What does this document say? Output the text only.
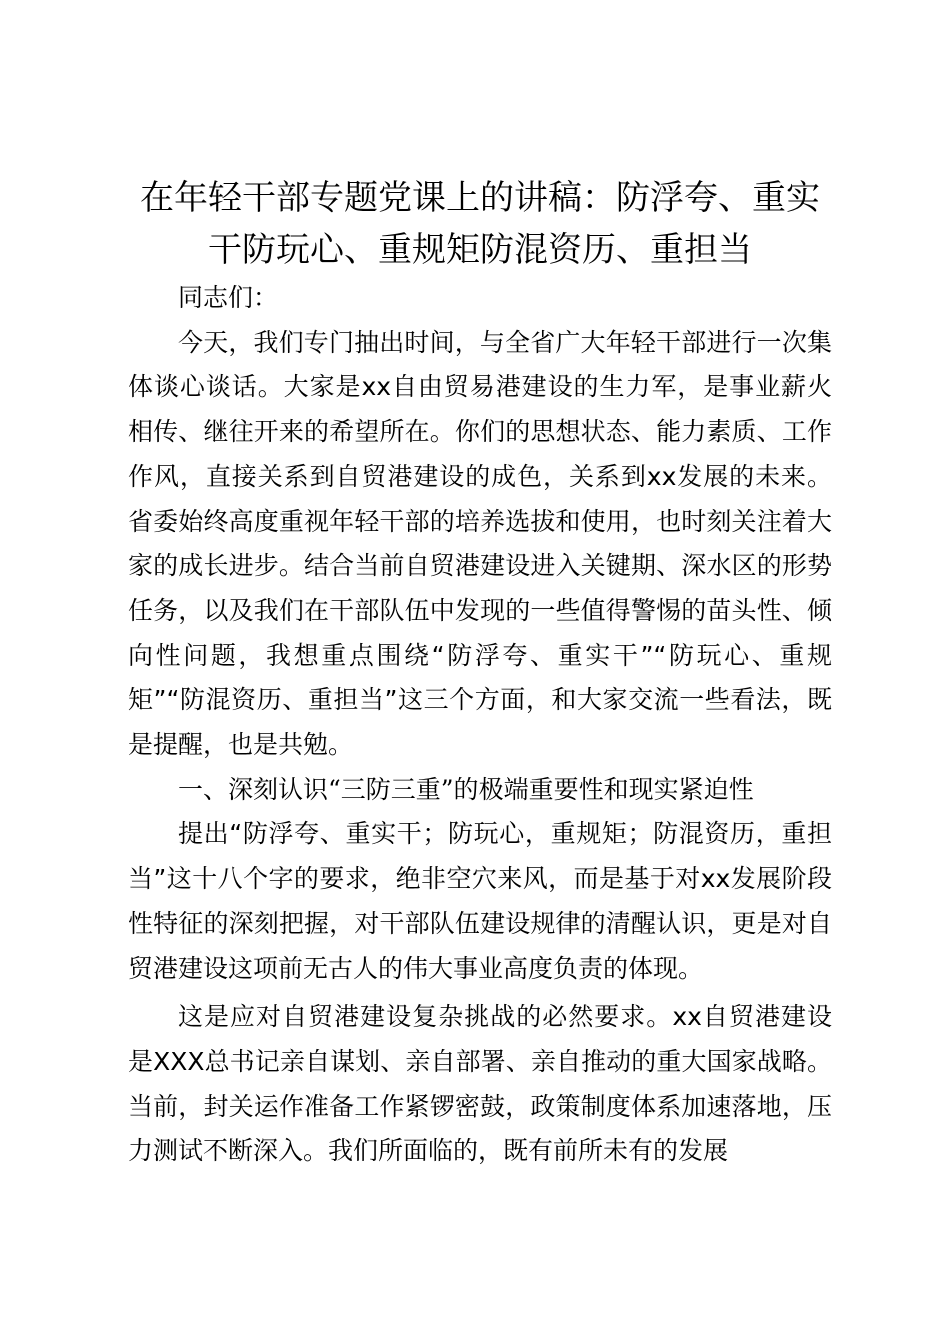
在年轻干部专题党课上的讲稿：防浮夸、重实
干防玩心、重规矩防混资历、重担当

同志们：

今天，我们专门抽出时间，与全省广大年轻干部进行一次集体谈心谈话。大家是xx自由贸易港建设的生力军，是事业薪火相传、继往开来的希望所在。你们的思想状态、能力素质、工作作风，直接关系到自贸港建设的成色，关系到xx发展的未来。省委始终高度重视年轻干部的培养选拔和使用，也时刻关注着大家的成长进步。结合当前自贸港建设进入关键期、深水区的形势任务，以及我们在干部队伍中发现的一些值得警惕的苗头性、倾向性问题，我想重点围绕“防浮夸、重实干”“防玩心、重规矩”“防混资历、重担当”这三个方面，和大家交流一些看法，既是提醒，也是共勉。

一、深刻认识“三防三重”的极端重要性和现实紧迫性

提出“防浮夸、重实干；防玩心，重规矩；防混资历，重担当”这十八个字的要求，绝非空穴来风，而是基于对xx发展阶段性特征的深刻把握，对干部队伍建设规律的清醒认识，更是对自贸港建设这项前无古人的伟大事业高度负责的体现。

这是应对自贸港建设复杂挑战的必然要求。xx自贸港建设是XXX总书记亲自谋划、亲自部署、亲自推动的重大国家战略。当前，封关运作准备工作紧锣密鼓，政策制度体系加速落地，压力测试不断深入。我们所面临的，既有前所未有的发展
